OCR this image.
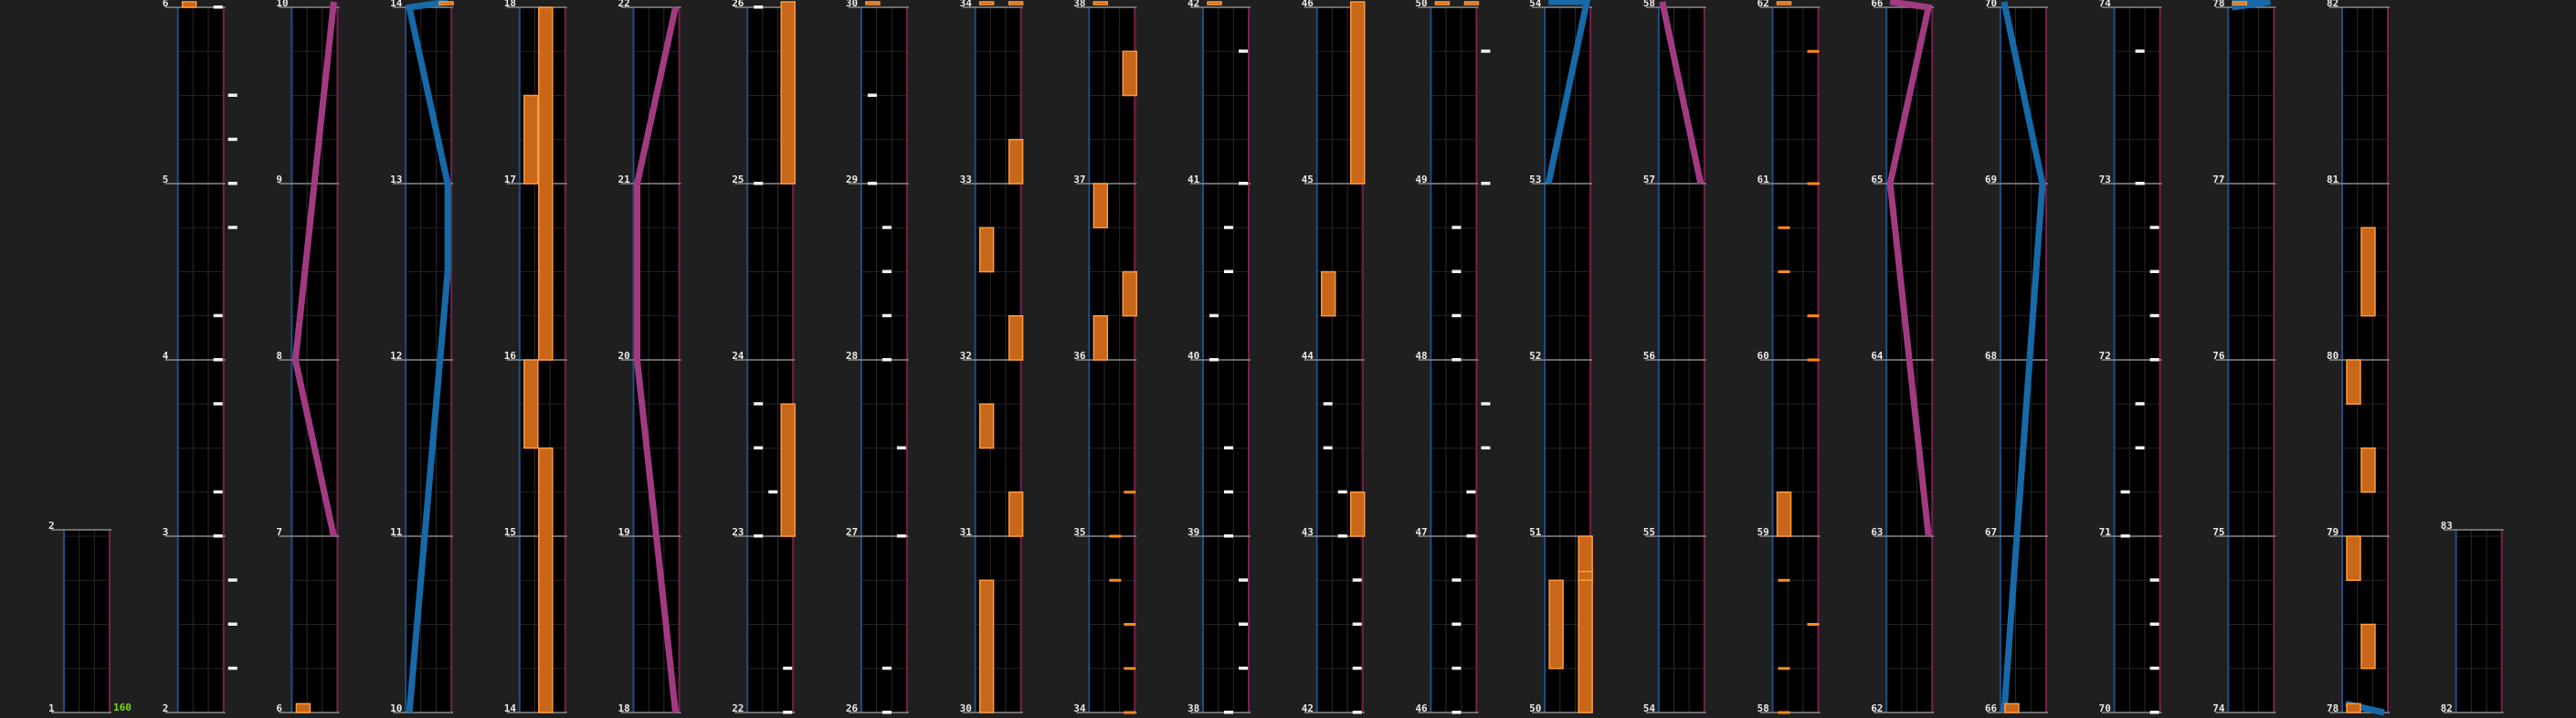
2
1	2
3
4
5
6
6
7
8
9
10
10
11
12
13
14
14
15
16
17
18
18
19
20
21
22
22
23
24
25
26
26
27
28
29
30
30
31
32
33
34
34
35
36
37
38
38
39
40
41
42
42
43
44
45
46
46
47
48
49
50
50
51
52
53
54
54
55
56
57
58
58
59
60
61
62
62
63
64
65
66
66
67
68
69
70
70
71
72
73
74
74
75
76
77
78
78
79
80
81
82
83
82
160
